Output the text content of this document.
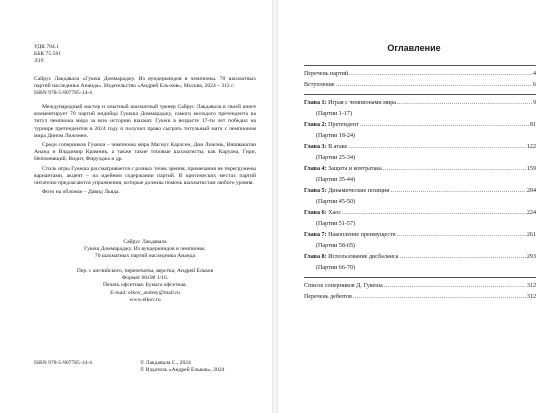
УДК 794.1
ББК 75.581
Л19
Сайрус Лакдавала «Гукеш Доммараджу. Из вундеркиндов в чемпионы. 70 шахматных партий наследника Ананда». Издательство «Андрей Ель-ков», Москва, 2024 – 312 с.
ISBN 978-5-907785-14-4

Международный мастер и опытный шахматный тренер Сайрус Лакдавала в своей книге комментирует 70 партий индийца Гукеша Доммараджу, самого молодого претендента на титул чемпиона мира за всю историю шахмат. Гукеш в возрасте 17-ти лет победил на турнире претендентов в 2024 году и получил право сыграть титульный матч с чемпионом мира Дином Лижэнем.

Среди соперников Гукеша – чемпионы мира Магнус Карлсен, Дин Лижэнь, Вишванатан Ананд и Владимир Крамник, а также такие топовые шахматисты, как Каруана, Гири, Непомнящий, Видит, Фирузджа и др.

Стиль игры Гукеша рассматривается с разных точек зрения, примечания не перегружены вариантами, акцент – на идейном содержании партий. В критических местах партий читателю предлагаются упражнения, которые должны помочь шахматистам любого уровня.

Фото на обложке – Давид Льяда.

Сайрус Лакдавала
Гукеш Доммараджу. Из вундеркиндов в чемпионы.
70 шахматных партий наследника Ананда
Пер. с английского, перепечатка, верстка, Андрей Ельков
Формат 60х90 1/16.
Печать офсетная. Бумага офсетная.
E-mail: elkov_andrey@mail.ru
www.elkov.ru
ISBN 978-5-907785-14-4	© Лакдавала С., 2024
© Издатель «Андрей Ельков», 2024
Оглавление
Перечень партий .....	4
Вступление .....	6
Глава 1: Играя с чемпионами мира .....	9
(Партии 1-17)
Глава 2: Претендент .....	81
(Партии 18-24)
Глава 3: В атаке .....	122
(Партии 25-34)
Глава 4: Защита и контратака .....	159
(Партии 35-44)
Глава 5: Динамические позиции .....	204
(Партии 45-50)
Глава 6: Хаос .....	224
(Партии 51-57)
Глава 7: Накопление преимуществ .....	261
(Партии 58-65)
Глава 8: Использование дисбаланса .....	293
(Партии 66-70)
Список соперников Д. Гукеша .....	312
Перечень дебютов .....	312
